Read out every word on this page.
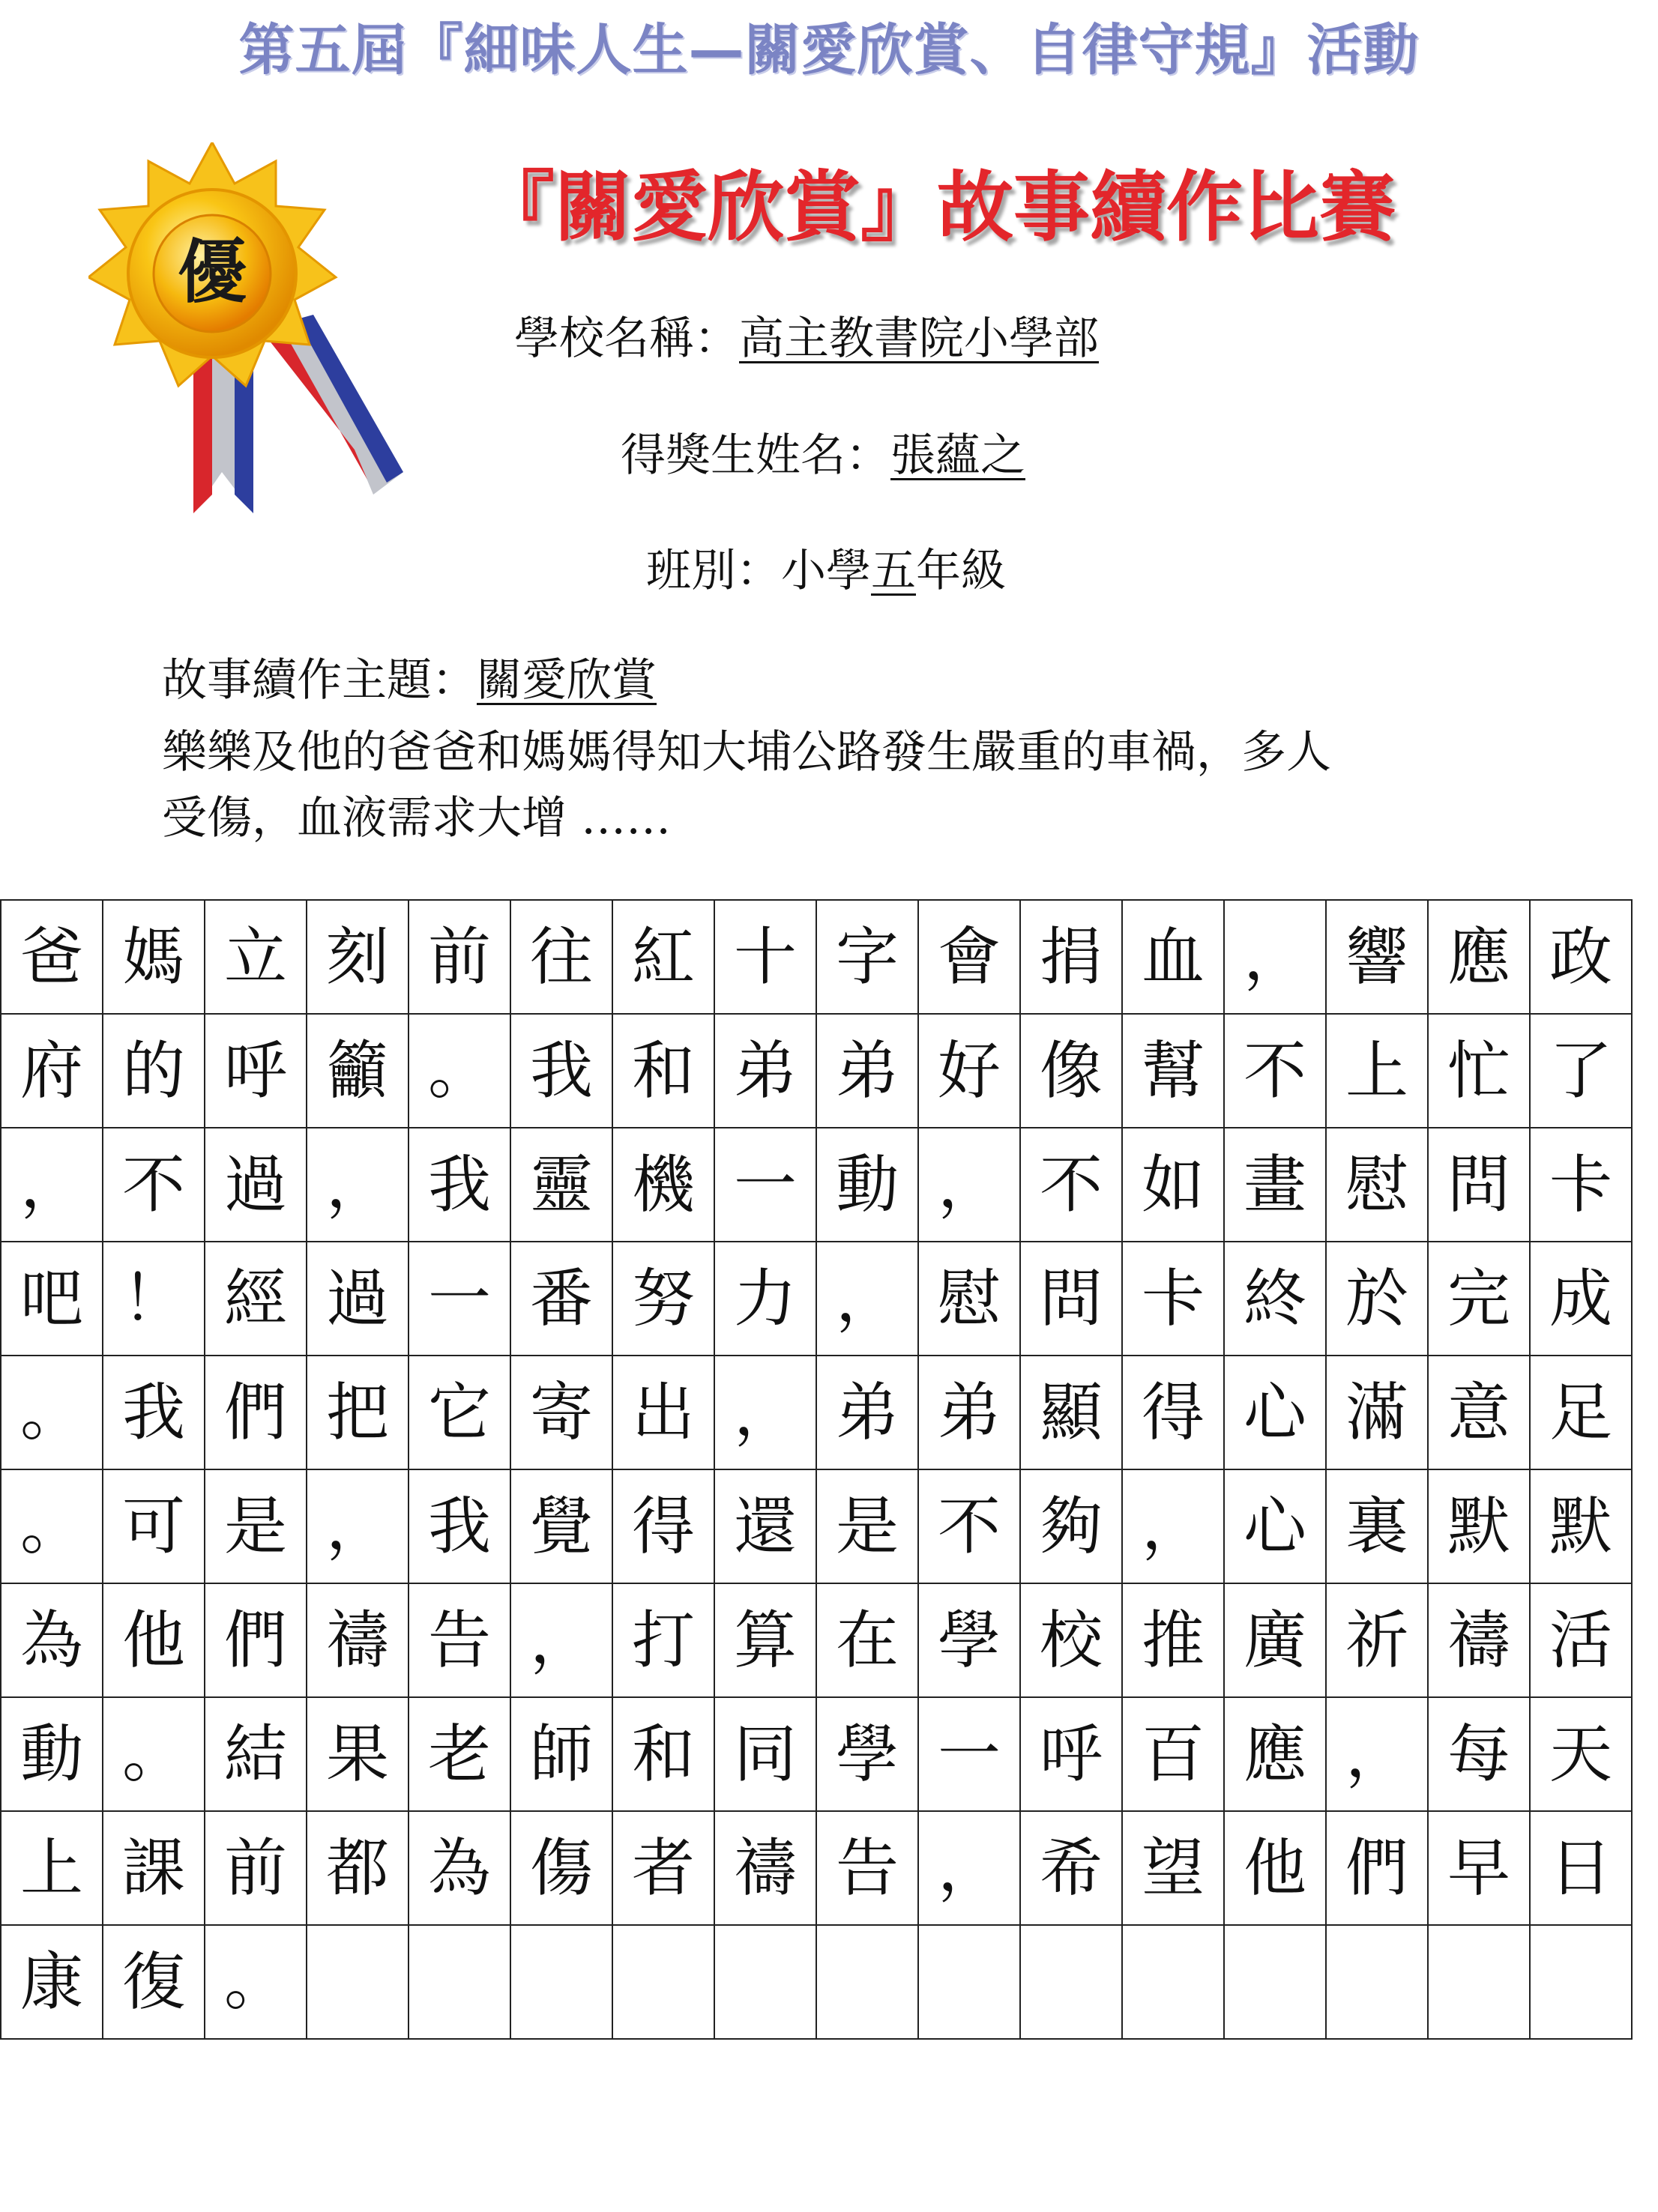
第五屆『細味人生—關愛欣賞、自律守規』活動
優
『關愛欣賞』故事續作比賽
學校名稱：高主教書院小學部
得獎生姓名：張蘊之
班別：小學五年級
故事續作主題：關愛欣賞
樂樂及他的爸爸和媽媽得知大埔公路發生嚴重的車禍，多人
受傷，血液需求大增 ……
爸	媽	立	刻	前	往	紅	十	字	會	捐	血	，	響	應	政
府	的	呼	籲	。	我	和	弟	弟	好	像	幫	不	上	忙	了
，	不	過	，	我	靈	機	一	動	，	不	如	畫	慰	問	卡
吧	！	經	過	一	番	努	力	，	慰	問	卡	終	於	完	成
。	我	們	把	它	寄	出	，	弟	弟	顯	得	心	滿	意	足
。	可	是	，	我	覺	得	還	是	不	夠	，	心	裏	默	默
為	他	們	禱	告	，	打	算	在	學	校	推	廣	祈	禱	活
動	。	結	果	老	師	和	同	學	一	呼	百	應	，	每	天
上	課	前	都	為	傷	者	禱	告	，	希	望	他	們	早	日
康	復	。													
